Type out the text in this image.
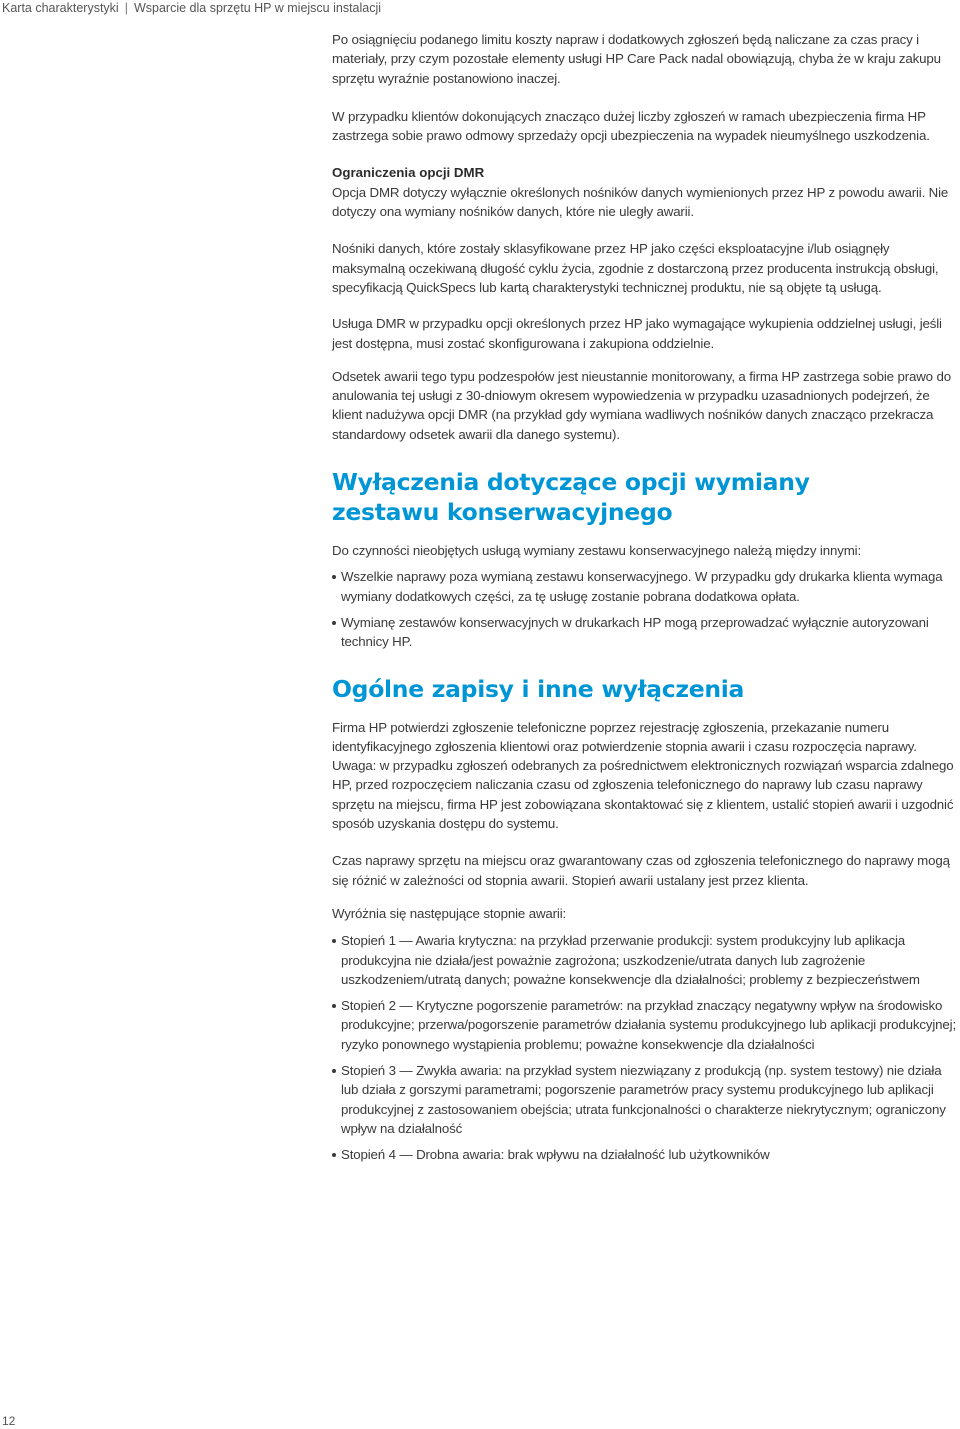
Karta charakterystyki | Wsparcie dla sprzętu HP w miejscu instalacji

Po osiągnięciu podanego limitu koszty napraw i dodatkowych zgłoszeń będą naliczane za czas pracy i materiały, przy czym pozostałe elementy usługi HP Care Pack nadal obowiązują, chyba że w kraju zakupu sprzętu wyraźnie postanowiono inaczej.

W przypadku klientów dokonujących znacząco dużej liczby zgłoszeń w ramach ubezpieczenia firma HP zastrzega sobie prawo odmowy sprzedaży opcji ubezpieczenia na wypadek nieumyślnego uszkodzenia.

Ograniczenia opcji DMR

Opcja DMR dotyczy wyłącznie określonych nośników danych wymienionych przez HP z powodu awarii. Nie dotyczy ona wymiany nośników danych, które nie uległy awarii.

Nośniki danych, które zostały sklasyfikowane przez HP jako części eksploatacyjne i/lub osiągnęły maksymalną oczekiwaną długość cyklu życia, zgodnie z dostarczoną przez producenta instrukcją obsługi, specyfikacją QuickSpecs lub kartą charakterystyki technicznej produktu, nie są objęte tą usługą.

Usługa DMR w przypadku opcji określonych przez HP jako wymagające wykupienia oddzielnej usługi, jeśli jest dostępna, musi zostać skonfigurowana i zakupiona oddzielnie.

Odsetek awarii tego typu podzespołów jest nieustannie monitorowany, a firma HP zastrzega sobie prawo do anulowania tej usługi z 30-dniowym okresem wypowiedzenia w przypadku uzasadnionych podejrzeń, że klient nadużywa opcji DMR (na przykład gdy wymiana wadliwych nośników danych znacząco przekracza standardowy odsetek awarii dla danego systemu).

Wyłączenia dotyczące opcji wymiany zestawu konserwacyjnego

Do czynności nieobjętych usługą wymiany zestawu konserwacyjnego należą między innymi:

Wszelkie naprawy poza wymianą zestawu konserwacyjnego. W przypadku gdy drukarka klienta wymaga wymiany dodatkowych części, za tę usługę zostanie pobrana dodatkowa opłata.
Wymianę zestawów konserwacyjnych w drukarkach HP mogą przeprowadzać wyłącznie autoryzowani technicy HP.
Ogólne zapisy i inne wyłączenia

Firma HP potwierdzi zgłoszenie telefoniczne poprzez rejestrację zgłoszenia, przekazanie numeru identyfikacyjnego zgłoszenia klientowi oraz potwierdzenie stopnia awarii i czasu rozpoczęcia naprawy. Uwaga: w przypadku zgłoszeń odebranych za pośrednictwem elektronicznych rozwiązań wsparcia zdalnego HP, przed rozpoczęciem naliczania czasu od zgłoszenia telefonicznego do naprawy lub czasu naprawy sprzętu na miejscu, firma HP jest zobowiązana skontaktować się z klientem, ustalić stopień awarii i uzgodnić sposób uzyskania dostępu do systemu.

Czas naprawy sprzętu na miejscu oraz gwarantowany czas od zgłoszenia telefonicznego do naprawy mogą się różnić w zależności od stopnia awarii. Stopień awarii ustalany jest przez klienta.

Wyróżnia się następujące stopnie awarii:

Stopień 1 — Awaria krytyczna: na przykład przerwanie produkcji: system produkcyjny lub aplikacja produkcyjna nie działa/jest poważnie zagrożona; uszkodzenie/utrata danych lub zagrożenie uszkodzeniem/utratą danych; poważne konsekwencje dla działalności; problemy z bezpieczeństwem
Stopień 2 — Krytyczne pogorszenie parametrów: na przykład znaczący negatywny wpływ na środowisko produkcyjne; przerwa/pogorszenie parametrów działania systemu produkcyjnego lub aplikacji produkcyjnej; ryzyko ponownego wystąpienia problemu; poważne konsekwencje dla działalności
Stopień 3 — Zwykła awaria: na przykład system niezwiązany z produkcją (np. system testowy) nie działa lub działa z gorszymi parametrami; pogorszenie parametrów pracy systemu produkcyjnego lub aplikacji produkcyjnej z zastosowaniem obejścia; utrata funkcjonalności o charakterze niekrytycznym; ograniczony wpływ na działalność
Stopień 4 — Drobna awaria: brak wpływu na działalność lub użytkowników
12
